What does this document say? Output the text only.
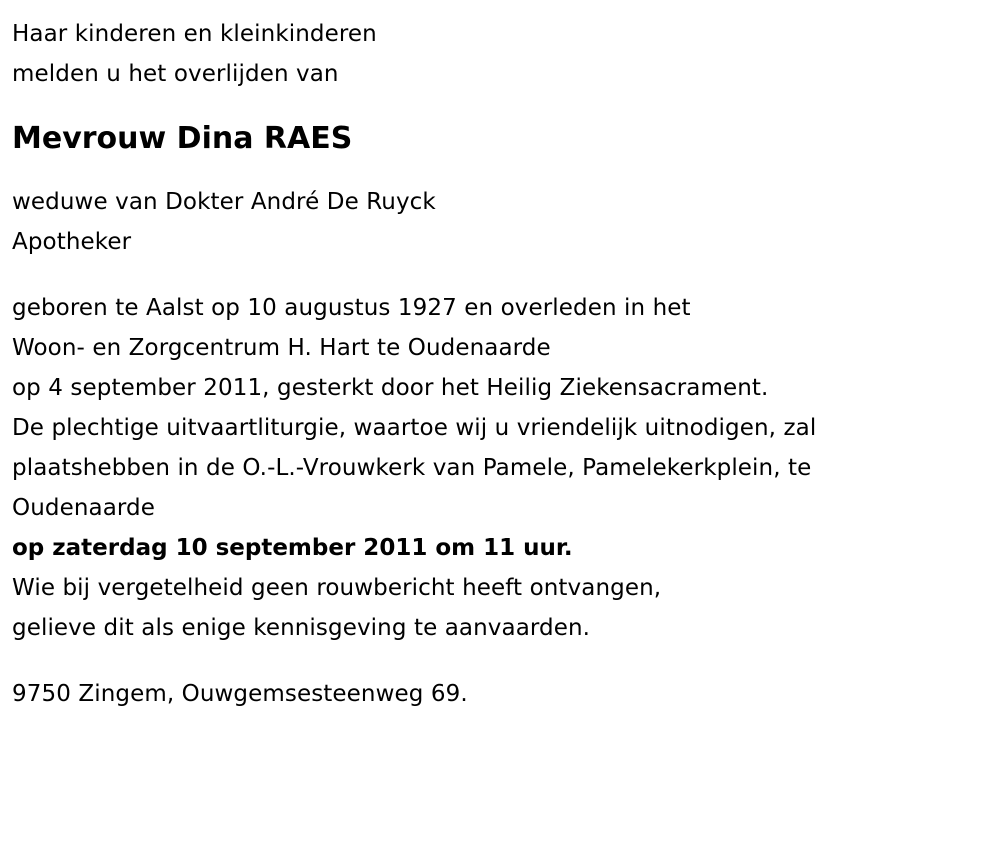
Haar kinderen en kleinkinderen

melden u het overlijden van

Mevrouw Dina RAES

weduwe van Dokter André De Ruyck

Apotheker

geboren te Aalst op 10 augustus 1927 en overleden in het

Woon- en Zorgcentrum H. Hart te Oudenaarde

op 4 september 2011, gesterkt door het Heilig Ziekensacrament.

De plechtige uitvaartliturgie, waartoe wij u vriendelijk uitnodigen, zal

plaatshebben in de O.-L.-Vrouwkerk van Pamele, Pamelekerkplein, te

Oudenaarde

op zaterdag 10 september 2011 om 11 uur.

Wie bij vergetelheid geen rouwbericht heeft ontvangen,

gelieve dit als enige kennisgeving te aanvaarden.

9750 Zingem, Ouwgemsesteenweg 69.
